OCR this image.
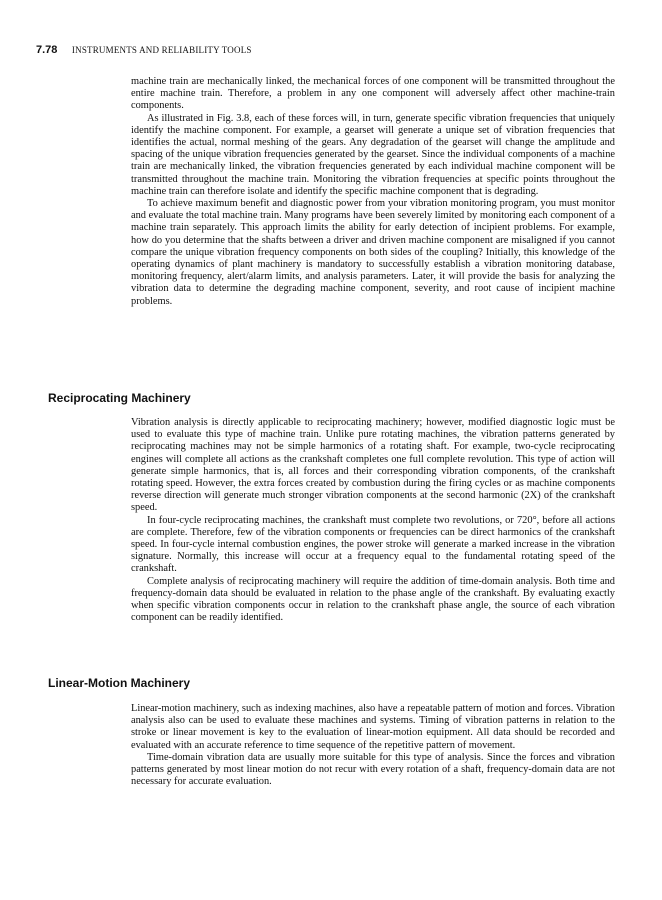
7.78 INSTRUMENTS AND RELIABILITY TOOLS

machine train are mechanically linked, the mechanical forces of one component will be transmitted throughout the entire machine train. Therefore, a problem in any one component will adversely affect other machine-train components.

As illustrated in Fig. 3.8, each of these forces will, in turn, generate specific vibration frequencies that uniquely identify the machine component. For example, a gearset will generate a unique set of vibration frequencies that identifies the actual, normal meshing of the gears. Any degradation of the gearset will change the amplitude and spacing of the unique vibration frequencies generated by the gearset. Since the individual components of a machine train are mechanically linked, the vibration frequencies generated by each individual machine component will be transmitted throughout the machine train. Monitoring the vibration frequencies at specific points throughout the machine train can therefore isolate and identify the specific machine component that is degrading.

To achieve maximum benefit and diagnostic power from your vibration monitoring program, you must monitor and evaluate the total machine train. Many programs have been severely limited by monitoring each component of a machine train separately. This approach limits the ability for early detection of incipient problems. For example, how do you determine that the shafts between a driver and driven machine component are misaligned if you cannot compare the unique vibration frequency components on both sides of the coupling? Initially, this knowledge of the operating dynamics of plant machinery is mandatory to successfully establish a vibration monitoring database, monitoring frequency, alert/alarm limits, and analysis parameters. Later, it will provide the basis for analyzing the vibration data to determine the degrading machine component, severity, and root cause of incipient machine problems.

Reciprocating Machinery

Vibration analysis is directly applicable to reciprocating machinery; however, modified diagnostic logic must be used to evaluate this type of machine train. Unlike pure rotating machines, the vibration patterns generated by reciprocating machines may not be simple harmonics of a rotating shaft. For example, two-cycle reciprocating engines will complete all actions as the crankshaft completes one full complete revolution. This type of action will generate simple harmonics, that is, all forces and their corresponding vibration components, of the crankshaft rotating speed. However, the extra forces created by combustion during the firing cycles or as machine components reverse direction will generate much stronger vibration components at the second harmonic (2X) of the crankshaft speed.

In four-cycle reciprocating machines, the crankshaft must complete two revolutions, or 720°, before all actions are complete. Therefore, few of the vibration components or frequencies can be direct harmonics of the crankshaft speed. In four-cycle internal combustion engines, the power stroke will generate a marked increase in the vibration signature. Normally, this increase will occur at a frequency equal to the fundamental rotating speed of the crankshaft.

Complete analysis of reciprocating machinery will require the addition of time-domain analysis. Both time and frequency-domain data should be evaluated in relation to the phase angle of the crankshaft. By evaluating exactly when specific vibration components occur in relation to the crankshaft phase angle, the source of each vibration component can be readily identified.

Linear-Motion Machinery

Linear-motion machinery, such as indexing machines, also have a repeatable pattern of motion and forces. Vibration analysis also can be used to evaluate these machines and systems. Timing of vibration patterns in relation to the stroke or linear movement is key to the evaluation of linear-motion equipment. All data should be recorded and evaluated with an accurate reference to time sequence of the repetitive pattern of movement.

Time-domain vibration data are usually more suitable for this type of analysis. Since the forces and vibration patterns generated by most linear motion do not recur with every rotation of a shaft, frequency-domain data are not necessary for accurate evaluation.
